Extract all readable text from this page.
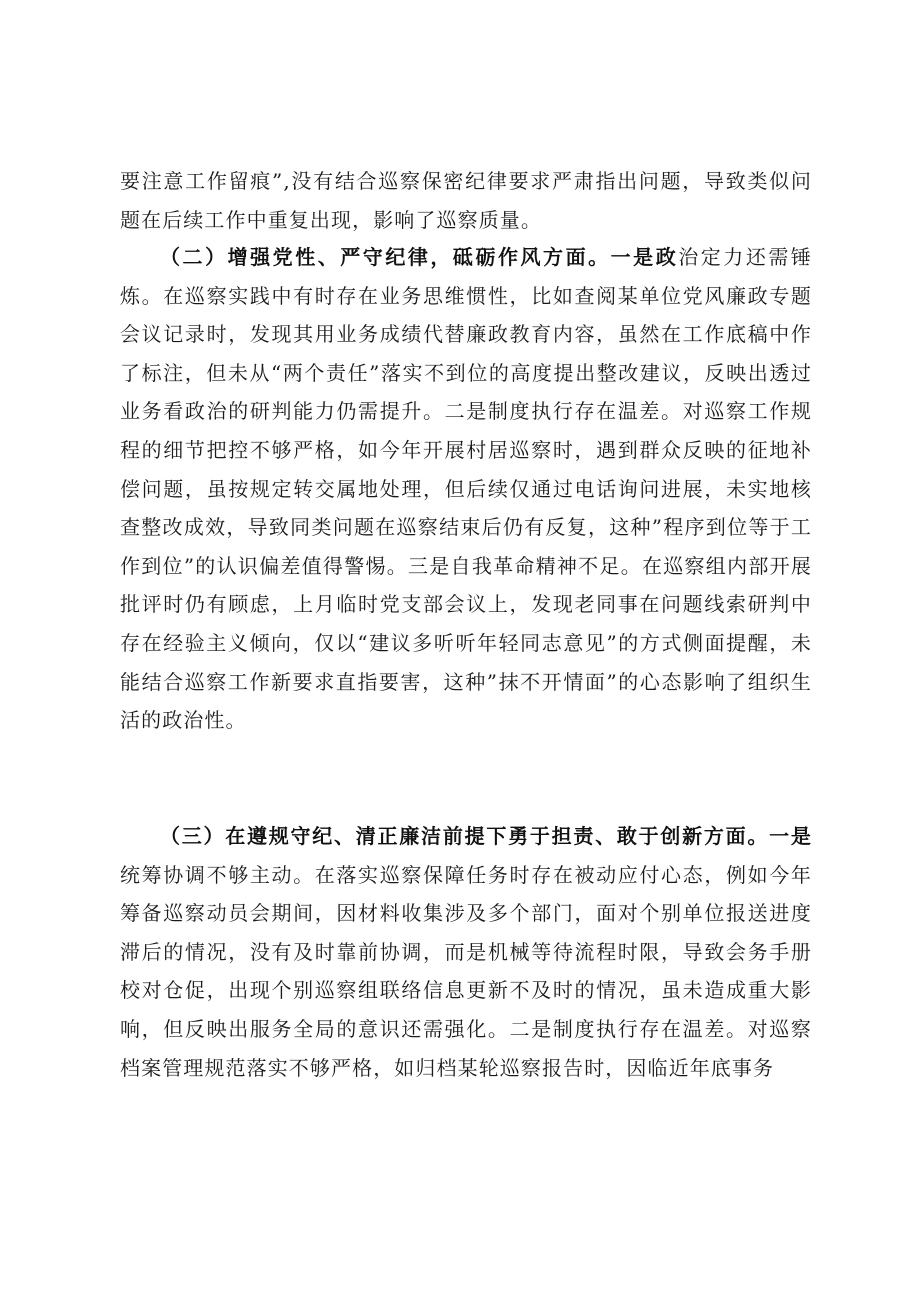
要注意工作留痕”,没有结合巡察保密纪律要求严肃指出问题，导致类似问题在后续工作中重复出现，影响了巡察质量。

（二）增强党性、严守纪律，砥砺作风方面。一是政治定力还需锤炼。在巡察实践中有时存在业务思维惯性，比如查阅某单位党风廉政专题会议记录时，发现其用业务成绩代替廉政教育内容，虽然在工作底稿中作了标注，但未从“两个责任”落实不到位的高度提出整改建议，反映出透过业务看政治的研判能力仍需提升。二是制度执行存在温差。对巡察工作规程的细节把控不够严格，如今年开展村居巡察时，遇到群众反映的征地补偿问题，虽按规定转交属地处理，但后续仅通过电话询问进展，未实地核查整改成效，导致同类问题在巡察结束后仍有反复，这种”程序到位等于工作到位”的认识偏差值得警惕。三是自我革命精神不足。在巡察组内部开展批评时仍有顾虑，上月临时党支部会议上，发现老同事在问题线索研判中存在经验主义倾向，仅以“建议多听听年轻同志意见”的方式侧面提醒，未能结合巡察工作新要求直指要害，这种”抹不开情面”的心态影响了组织生活的政治性。

（三）在遵规守纪、清正廉洁前提下勇于担责、敢于创新方面。一是统筹协调不够主动。在落实巡察保障任务时存在被动应付心态，例如今年筹备巡察动员会期间，因材料收集涉及多个部门，面对个别单位报送进度滞后的情况，没有及时靠前协调，而是机械等待流程时限，导致会务手册校对仓促，出现个别巡察组联络信息更新不及时的情况，虽未造成重大影响，但反映出服务全局的意识还需强化。二是制度执行存在温差。对巡察档案管理规范落实不够严格，如归档某轮巡察报告时，因临近年底事务
